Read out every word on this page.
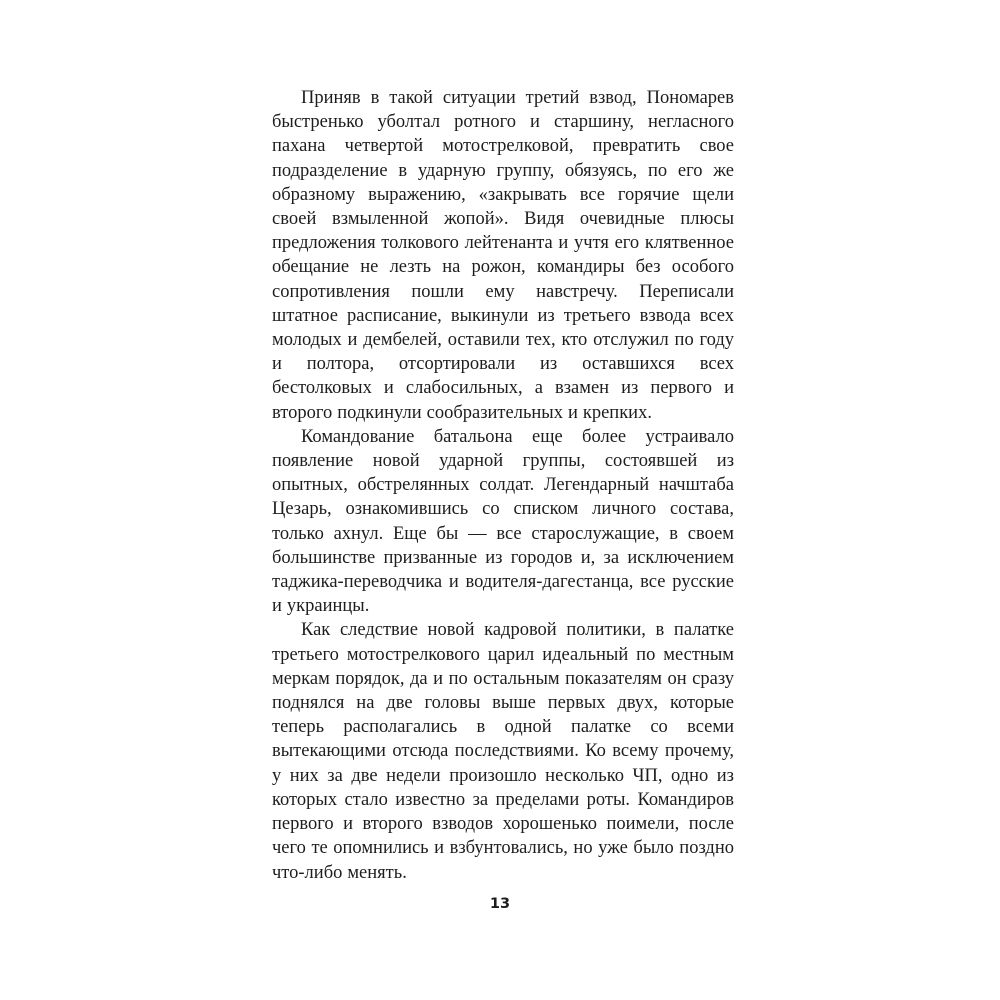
Приняв в такой ситуации третий взвод, Пономарев быстренько уболтал ротного и старшину, негласного пахана четвертой мотострелковой, превратить свое подразделение в ударную группу, обязуясь, по его же образному выражению, «закрывать все горячие щели своей взмыленной жопой». Видя очевидные плюсы предложения толкового лейтенанта и учтя его клятвенное обещание не лезть на рожон, командиры без особого сопротивления пошли ему навстречу. Переписали штатное расписание, выкинули из третьего взвода всех молодых и дембелей, оставили тех, кто отслужил по году и полтора, отсортировали из оставшихся всех бестолковых и слабосильных, а взамен из первого и второго подкинули сообразительных и крепких.

Командование батальона еще более устраивало появление новой ударной группы, состоявшей из опытных, обстрелянных солдат. Легендарный начштаба Цезарь, ознакомившись со списком личного состава, только ахнул. Еще бы — все старослужащие, в своем большинстве призванные из городов и, за исключением таджика-переводчика и водителя-дагестанца, все русские и украинцы.

Как следствие новой кадровой политики, в палатке третьего мотострелкового царил идеальный по местным меркам порядок, да и по остальным показателям он сразу поднялся на две головы выше первых двух, которые теперь располагались в одной палатке со всеми вытекающими отсюда последствиями. Ко всему прочему, у них за две недели произошло несколько ЧП, одно из которых стало известно за пределами роты. Командиров первого и второго взводов хорошенько поимели, после чего те опомнились и взбунтовались, но уже было поздно что-либо менять.

13
